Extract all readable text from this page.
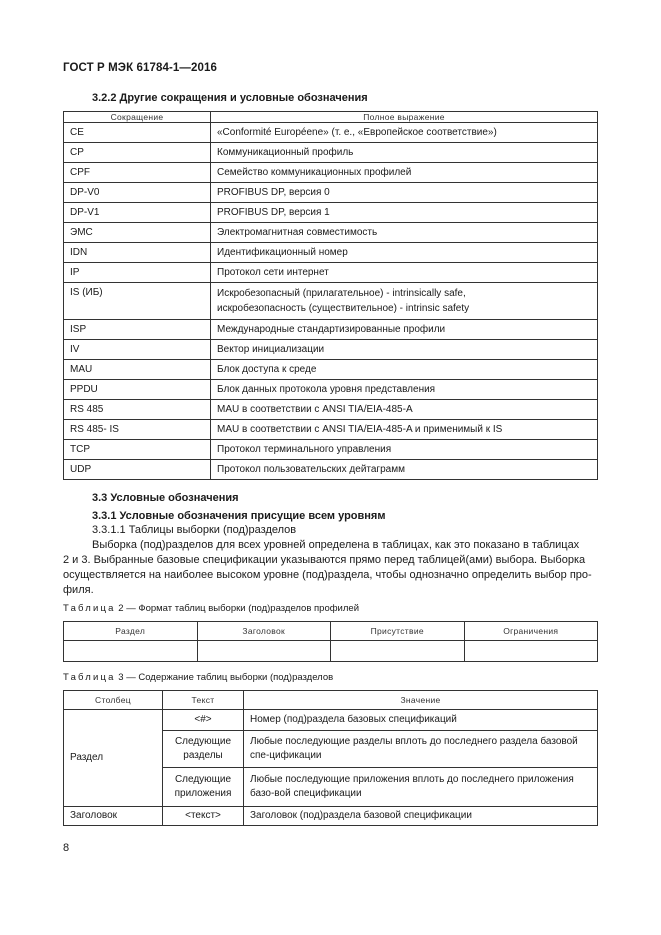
ГОСТ Р МЭК 61784-1—2016
3.2.2 Другие сокращения и условные обозначения
Сокращение	Полное выражение
CE	«Conformité Européene» (т. е., «Европейское соответствие»)
CP	Коммуникационный профиль
CPF	Семейство коммуникационных профилей
DP-V0	PROFIBUS DP, версия 0
DP-V1	PROFIBUS DP, версия 1
ЭМС	Электромагнитная совместимость
IDN	Идентификационный номер
IP	Протокол сети интернет
IS (ИБ)	Искробезопасный (прилагательное) - intrinsically safe,
искробезопасность (существительное) - intrinsic safety

ISP	Международные стандартизированные профили
IV	Вектор инициализации
MAU	Блок доступа к среде
PPDU	Блок данных протокола уровня представления
RS 485	MAU в соответствии с ANSI TIA/EIA-485-A
RS 485- IS	MAU в соответствии с ANSI TIA/EIA-485-A и применимый к IS
TCP	Протокол терминального управления
UDP	Протокол пользовательских дейтаграмм
3.3 Условные обозначения
3.3.1 Условные обозначения присущие всем уровням
3.3.1.1 Таблицы выборки (под)разделов
Выборка (под)разделов для всех уровней определена в таблицах, как это показано в таблицах
2 и 3. Выбранные базовые спецификации указываются прямо перед таблицей(ами) выбора. Выборка
осуществляется на наиболее высоком уровне (под)раздела, чтобы однозначно определить выбор про-
филя.
Таблица 2 — Формат таблиц выборки (под)разделов профилей
Раздел	Заголовок	Присутствие	Ограничения

Таблица 3 — Содержание таблиц выборки (под)разделов
Столбец	Текст	Значение
Раздел	<#>	Номер (под)раздела базовых спецификаций
	Следующие разделы	Любые последующие разделы вплоть до последнего раздела базовой спе-цификации
	Следующие приложения	Любые последующие приложения вплоть до последнего приложения базо-вой спецификации
Заголовок	<текст>	Заголовок (под)раздела базовой спецификации
8
